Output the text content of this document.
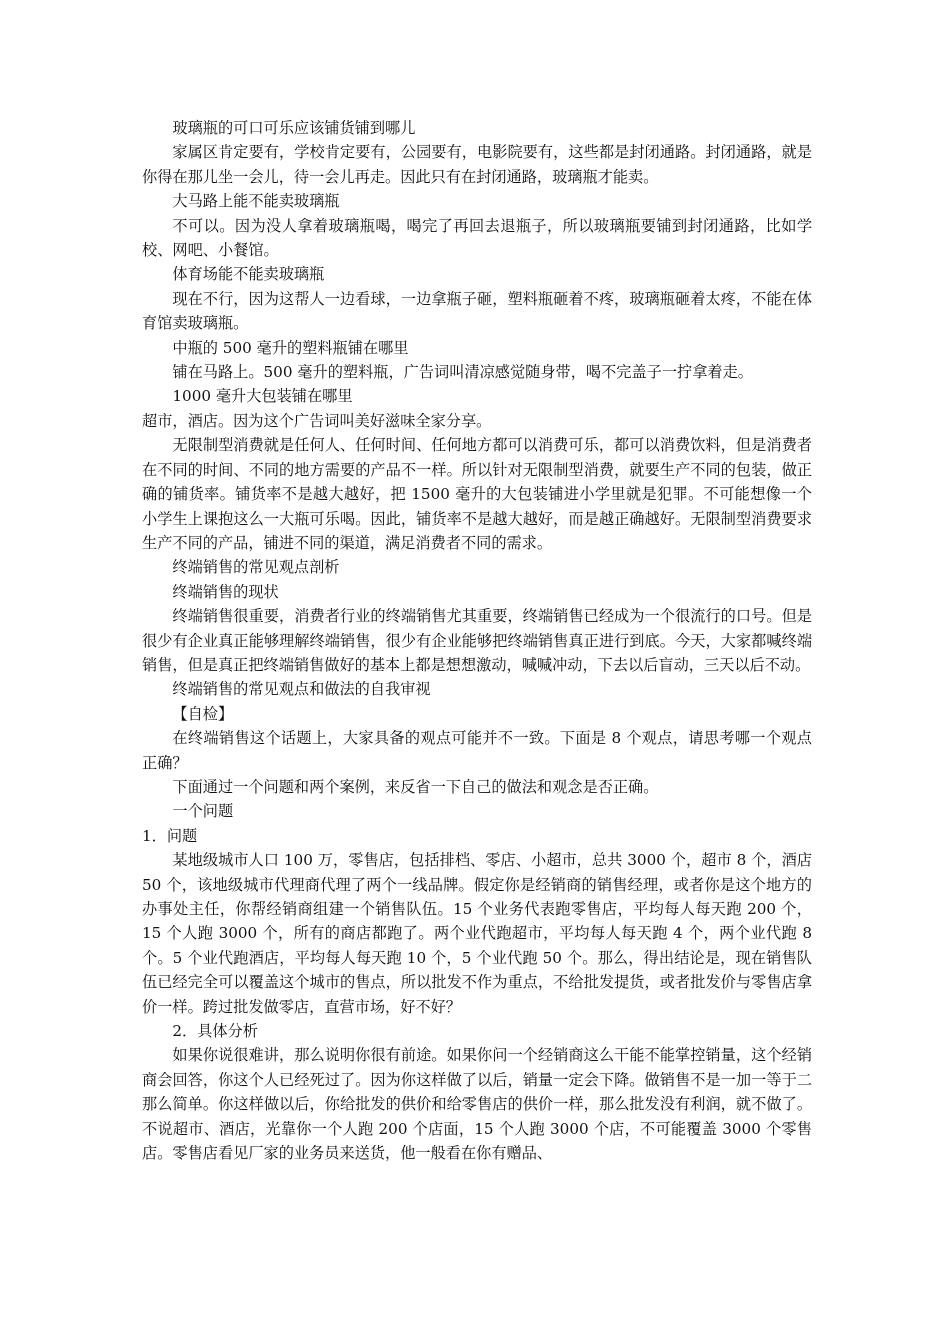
玻璃瓶的可口可乐应该铺货铺到哪儿

家属区肯定要有，学校肯定要有，公园要有，电影院要有，这些都是封闭通路。封闭通路，就是你得在那儿坐一会儿，待一会儿再走。因此只有在封闭通路，玻璃瓶才能卖。

大马路上能不能卖玻璃瓶

不可以。因为没人拿着玻璃瓶喝，喝完了再回去退瓶子，所以玻璃瓶要铺到封闭通路，比如学校、网吧、小餐馆。

体育场能不能卖玻璃瓶

现在不行，因为这帮人一边看球，一边拿瓶子砸，塑料瓶砸着不疼，玻璃瓶砸着太疼，不能在体育馆卖玻璃瓶。

中瓶的 500 毫升的塑料瓶铺在哪里

铺在马路上。500 毫升的塑料瓶，广告词叫清凉感觉随身带，喝不完盖子一拧拿着走。

1000 毫升大包装铺在哪里

超市，酒店。因为这个广告词叫美好滋味全家分享。

无限制型消费就是任何人、任何时间、任何地方都可以消费可乐，都可以消费饮料，但是消费者在不同的时间、不同的地方需要的产品不一样。所以针对无限制型消费，就要生产不同的包装，做正确的铺货率。铺货率不是越大越好，把 1500 毫升的大包装铺进小学里就是犯罪。不可能想像一个小学生上课抱这么一大瓶可乐喝。因此，铺货率不是越大越好，而是越正确越好。无限制型消费要求生产不同的产品，铺进不同的渠道，满足消费者不同的需求。

终端销售的常见观点剖析

终端销售的现状

终端销售很重要，消费者行业的终端销售尤其重要，终端销售已经成为一个很流行的口号。但是很少有企业真正能够理解终端销售，很少有企业能够把终端销售真正进行到底。今天，大家都喊终端销售，但是真正把终端销售做好的基本上都是想想激动，喊喊冲动，下去以后盲动，三天以后不动。

终端销售的常见观点和做法的自我审视

【自检】

在终端销售这个话题上，大家具备的观点可能并不一致。下面是 8 个观点，请思考哪一个观点正确？

下面通过一个问题和两个案例，来反省一下自己的做法和观念是否正确。

一个问题

1．问题

某地级城市人口 100 万，零售店，包括排档、零店、小超市，总共 3000 个，超市 8 个，酒店 50 个，该地级城市代理商代理了两个一线品牌。假定你是经销商的销售经理，或者你是这个地方的办事处主任，你帮经销商组建一个销售队伍。15 个业务代表跑零售店，平均每人每天跑 200 个，15 个人跑 3000 个，所有的商店都跑了。两个业代跑超市，平均每人每天跑 4 个，两个业代跑 8 个。5 个业代跑酒店，平均每人每天跑 10 个，5 个业代跑 50 个。那么，得出结论是，现在销售队伍已经完全可以覆盖这个城市的售点，所以批发不作为重点，不给批发提货，或者批发价与零售店拿价一样。跨过批发做零店，直营市场，好不好？

2．具体分析

如果你说很难讲，那么说明你很有前途。如果你问一个经销商这么干能不能掌控销量，这个经销商会回答，你这个人已经死过了。因为你这样做了以后，销量一定会下降。做销售不是一加一等于二那么简单。你这样做以后，你给批发的供价和给零售店的供价一样，那么批发没有利润，就不做了。不说超市、酒店，光靠你一个人跑 200 个店面，15 个人跑 3000 个店，不可能覆盖 3000 个零售店。零售店看见厂家的业务员来送货，他一般看在你有赠品、
